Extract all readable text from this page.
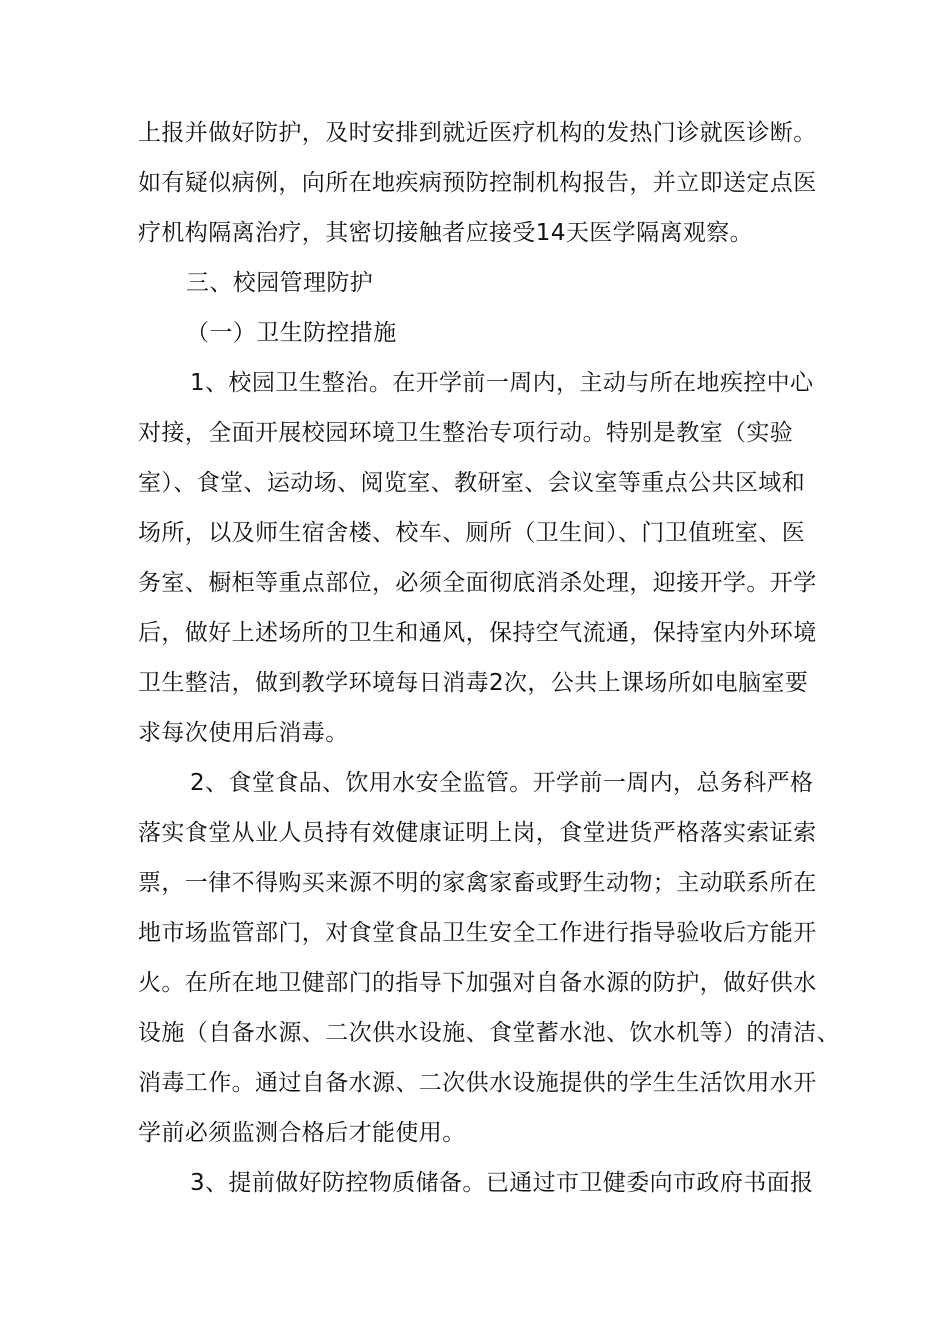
上报并做好防护，及时安排到就近医疗机构的发热门诊就医诊断。
如有疑似病例，向所在地疾病预防控制机构报告，并立即送定点医
疗机构隔离治疗，其密切接触者应接受14天医学隔离观察。
三、校园管理防护
（一）卫生防控措施
1、校园卫生整治。在开学前一周内，主动与所在地疾控中心
对接，全面开展校园环境卫生整治专项行动。特别是教室（实验
室）、食堂、运动场、阅览室、教研室、会议室等重点公共区域和
场所，以及师生宿舍楼、校车、厕所（卫生间）、门卫值班室、医
务室、橱柜等重点部位，必须全面彻底消杀处理，迎接开学。开学
后，做好上述场所的卫生和通风，保持空气流通，保持室内外环境
卫生整洁，做到教学环境每日消毒2次，公共上课场所如电脑室要
求每次使用后消毒。
2、食堂食品、饮用水安全监管。开学前一周内，总务科严格
落实食堂从业人员持有效健康证明上岗，食堂进货严格落实索证索
票，一律不得购买来源不明的家禽家畜或野生动物；主动联系所在
地市场监管部门，对食堂食品卫生安全工作进行指导验收后方能开
火。在所在地卫健部门的指导下加强对自备水源的防护，做好供水
设施（自备水源、二次供水设施、食堂蓄水池、饮水机等）的清洁、
消毒工作。通过自备水源、二次供水设施提供的学生生活饮用水开
学前必须监测合格后才能使用。
3、提前做好防控物质储备。已通过市卫健委向市政府书面报
